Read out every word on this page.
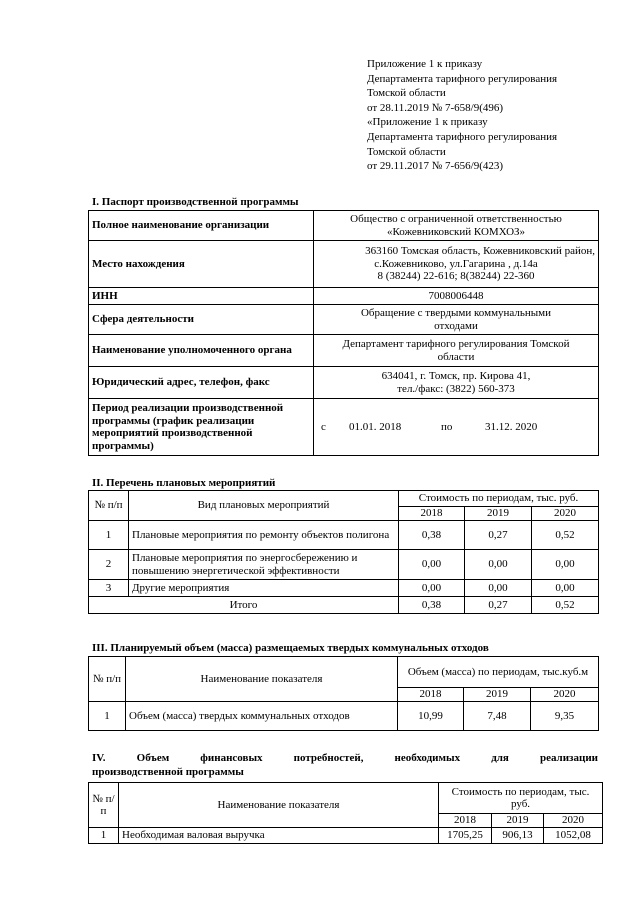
Приложение 1 к приказу
Департамента тарифного регулирования
Томской области
от 28.11.2019 № 7-658/9(496)
«Приложение 1 к приказу
Департамента тарифного регулирования
Томской области
от 29.11.2017 № 7-656/9(423)
I. Паспорт производственной программы
Полное наименование организации	Общество с ограниченной ответственностью
«Кожевниковский КОМХОЗ»

Место нахождения	363160 Томская область, Кожевниковский район,
с.Кожевниково, ул.Гагарина , д.14а
8 (38244) 22-616; 8(38244) 22-360

ИНН	7008006448
Сфера деятельности	Обращение с твердыми коммунальными
отходами

Наименование уполномоченного органа	Департамент тарифного регулирования Томской
области

Юридический адрес, телефон, факс	634041, г. Томск, пр. Кирова 41,
тел./факс: (3822) 560-373

Период реализации производственной программы (график реализации мероприятий производственной программы)	с 01.01. 2018 по 31.12. 2020
II. Перечень плановых мероприятий
№ п/п	Вид плановых мероприятий	Стоимость по периодам, тыс. руб.		
		2018	2019	2020
1	Плановые мероприятия по ремонту объектов полигона	0,38	0,27	0,52
2	Плановые мероприятия по энергосбережению и повышению энергетической эффективности	0,00	0,00	0,00
3	Другие мероприятия	0,00	0,00	0,00
Итого		0,38	0,27	0,52
III. Планируемый объем (масса) размещаемых твердых коммунальных отходов
№ п/п	Наименование показателя	Объем (масса) по периодам, тыс.куб.м		
		2018	2019	2020
1	Объем (масса) твердых коммунальных отходов	10,99	7,48	9,35
IV.	Объем	финансовых	потребностей,	необходимых	для	реализации
производственной программы
№ п/п	Наименование показателя	Стоимость по периодам, тыс. руб.		
		2018	2019	2020
1	Необходимая валовая выручка	1705,25	906,13	1052,08
